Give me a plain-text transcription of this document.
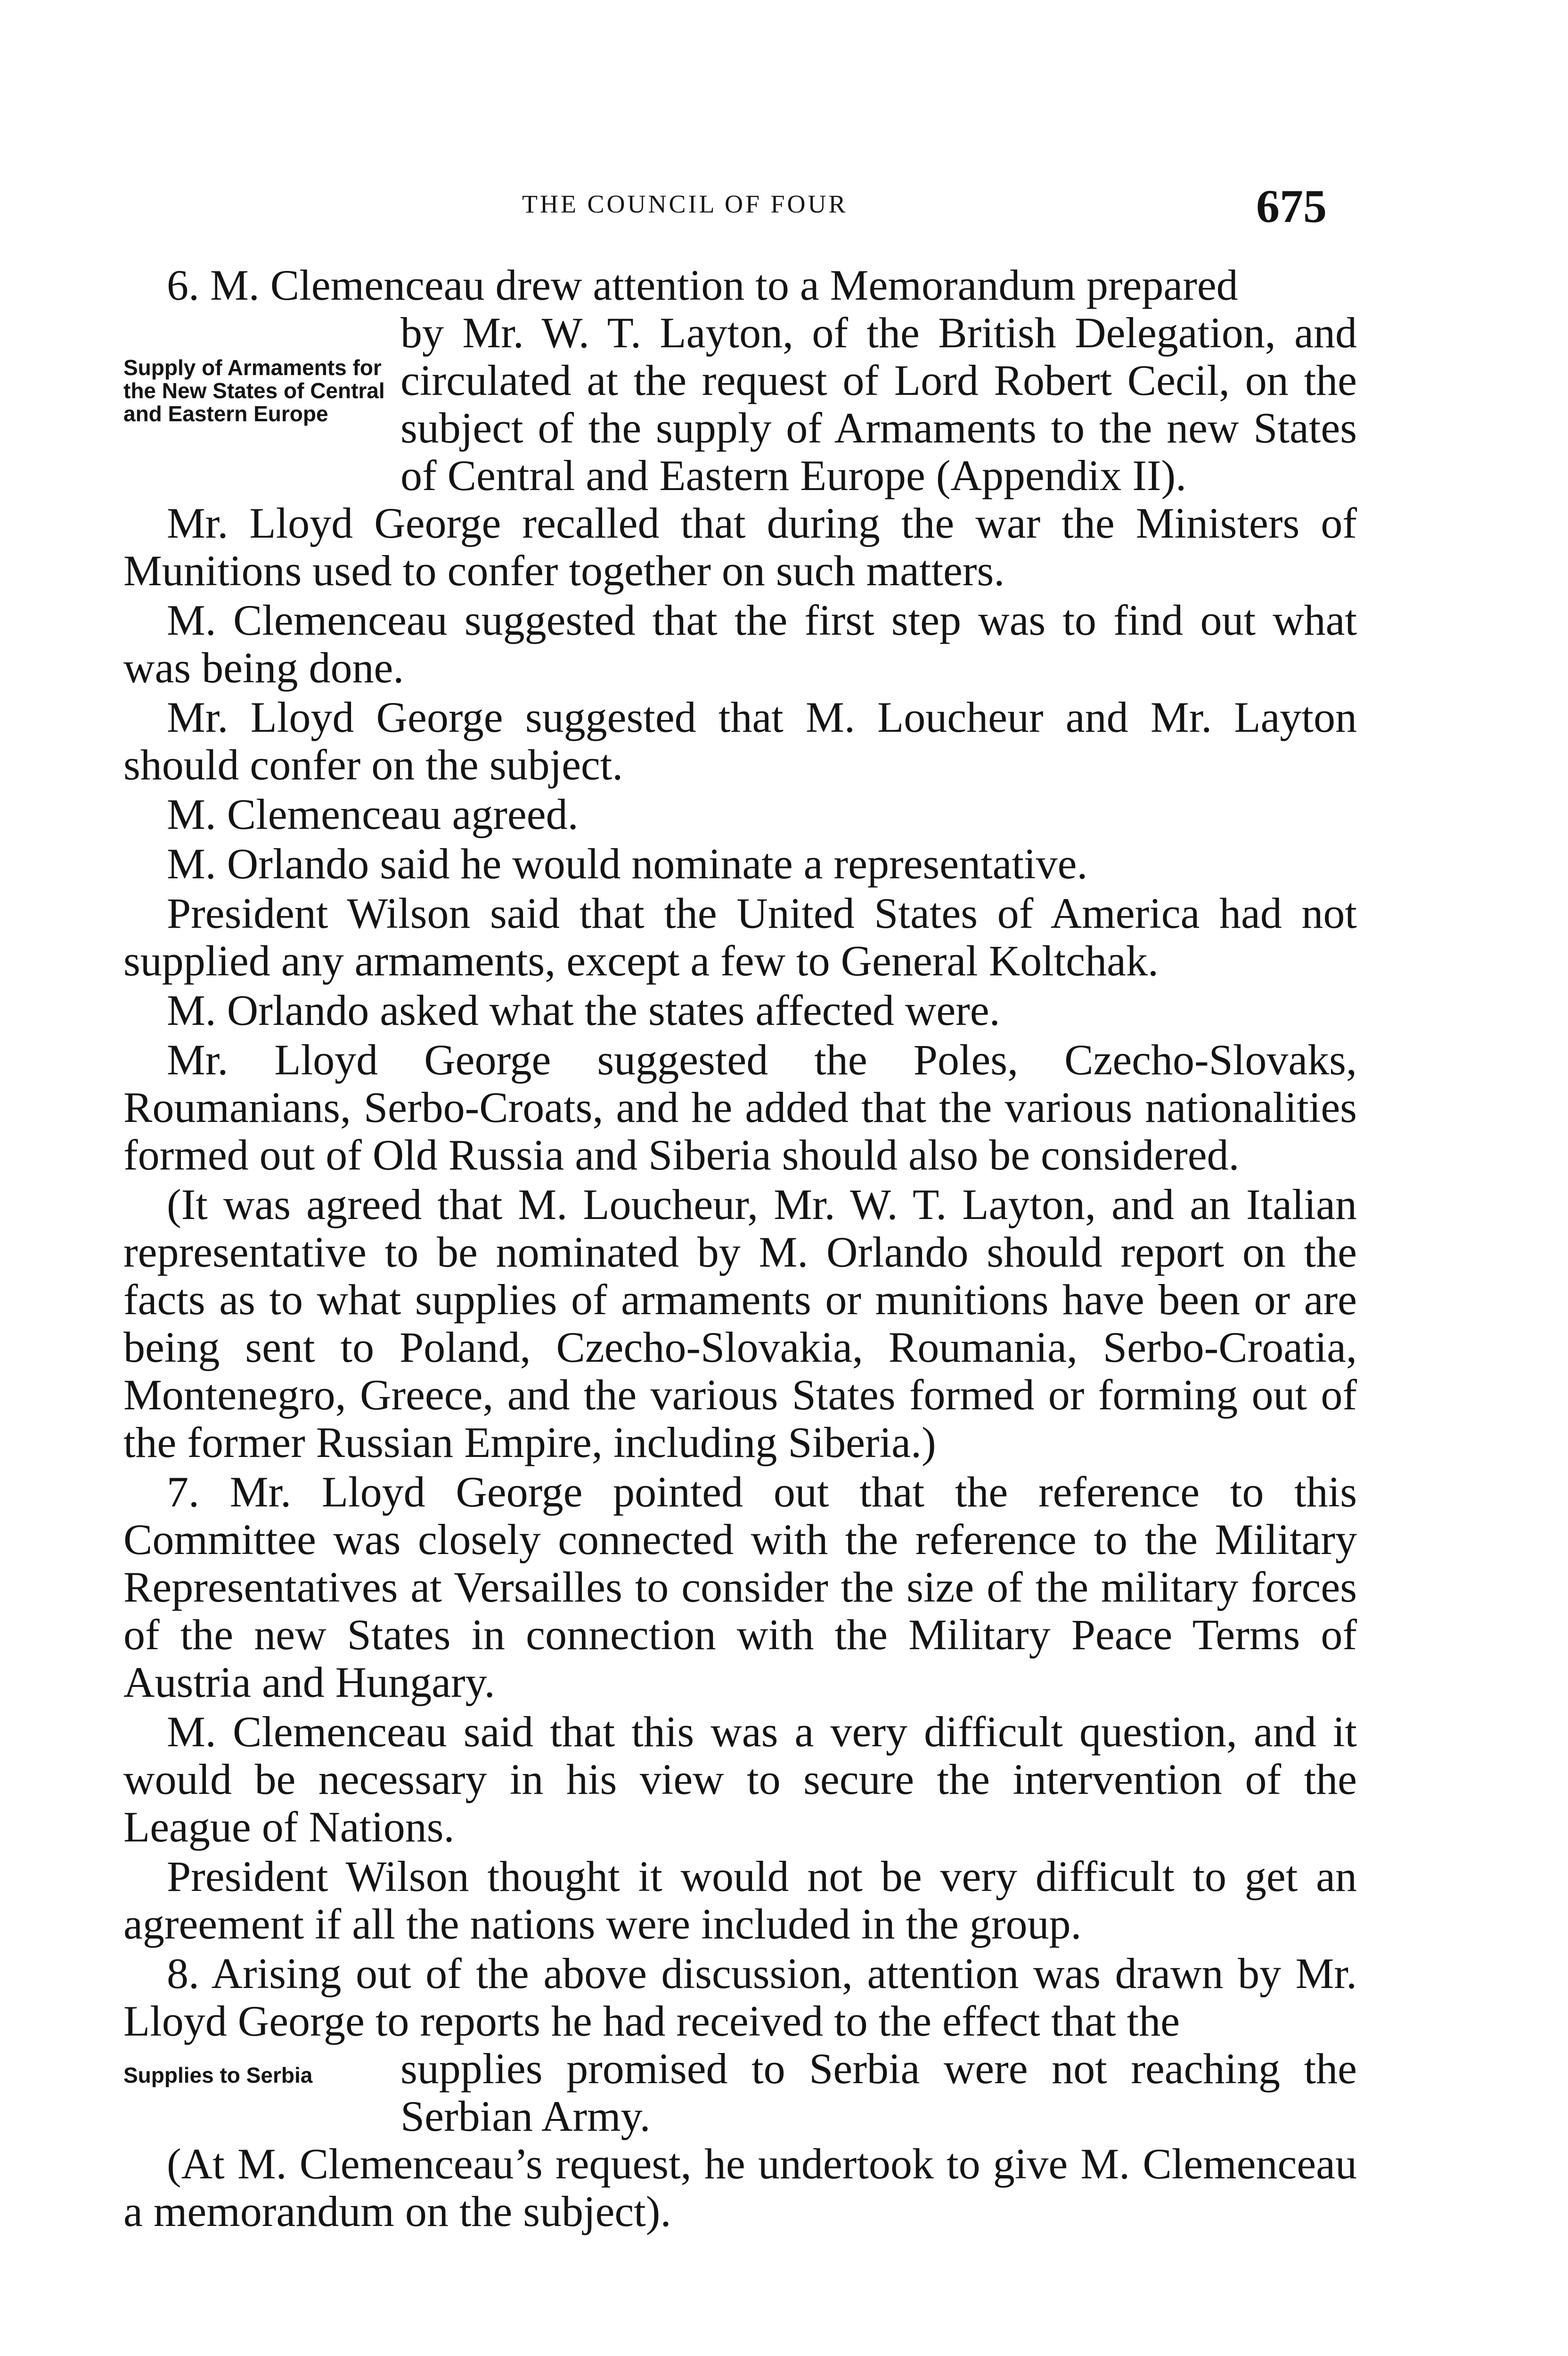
THE COUNCIL OF FOUR	675

6. M. Clemenceau drew attention to a Memorandum prepared

Supply of Armaments for the New States of Central and Eastern Europe

by Mr. W. T. Layton, of the British Delegation, and circulated at the request of Lord Robert Cecil, on the subject of the supply of Armaments to the new States of Central and Eastern Europe (Appendix II).

Mr. Lloyd George recalled that during the war the Ministers of Munitions used to confer together on such matters.

M. Clemenceau suggested that the first step was to find out what was being done.

Mr. Lloyd George suggested that M. Loucheur and Mr. Layton should confer on the subject.

M. Clemenceau agreed.

M. Orlando said he would nominate a representative.

President Wilson said that the United States of America had not supplied any armaments, except a few to General Koltchak.

M. Orlando asked what the states affected were.

Mr. Lloyd George suggested the Poles, Czecho-Slovaks, Roumanians, Serbo-Croats, and he added that the various nationalities formed out of Old Russia and Siberia should also be considered.

(It was agreed that M. Loucheur, Mr. W. T. Layton, and an Italian representative to be nominated by M. Orlando should report on the facts as to what supplies of armaments or munitions have been or are being sent to Poland, Czecho-Slovakia, Roumania, Serbo-Croatia, Montenegro, Greece, and the various States formed or forming out of the former Russian Empire, including Siberia.)

7. Mr. Lloyd George pointed out that the reference to this Committee was closely connected with the reference to the Military Representatives at Versailles to consider the size of the military forces of the new States in connection with the Military Peace Terms of Austria and Hungary.

M. Clemenceau said that this was a very difficult question, and it would be necessary in his view to secure the intervention of the League of Nations.

President Wilson thought it would not be very difficult to get an agreement if all the nations were included in the group.

8. Arising out of the above discussion, attention was drawn by Mr. Lloyd George to reports he had received to the effect that the

Supplies to Serbia	supplies promised to Serbia were not reaching the Serbian Army.

(At M. Clemenceau’s request, he undertook to give M. Clemenceau a memorandum on the subject).
